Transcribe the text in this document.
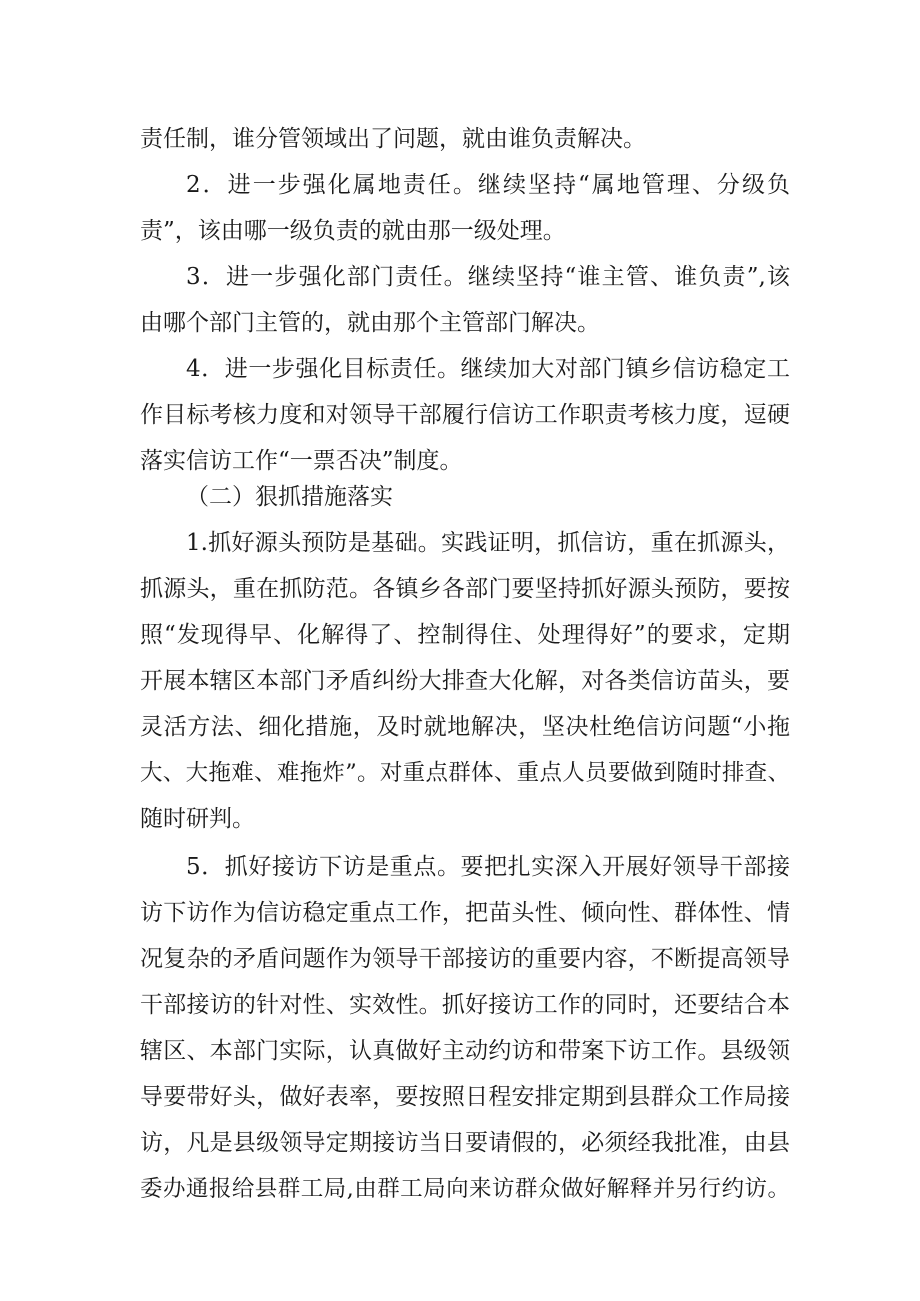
责任制，谁分管领域出了问题，就由谁负责解决。
2．进一步强化属地责任。继续坚持“属地管理、分级负
责”，该由哪一级负责的就由那一级处理。
3．进一步强化部门责任。继续坚持“谁主管、谁负责”,该
由哪个部门主管的，就由那个主管部门解决。
4．进一步强化目标责任。继续加大对部门镇乡信访稳定工
作目标考核力度和对领导干部履行信访工作职责考核力度，逗硬
落实信访工作“一票否决”制度。
（二）狠抓措施落实
1.抓好源头预防是基础。实践证明，抓信访，重在抓源头，
抓源头，重在抓防范。各镇乡各部门要坚持抓好源头预防，要按
照“发现得早、化解得了、控制得住、处理得好”的要求，定期
开展本辖区本部门矛盾纠纷大排查大化解，对各类信访苗头，要
灵活方法、细化措施，及时就地解决，坚决杜绝信访问题“小拖
大、大拖难、难拖炸”。对重点群体、重点人员要做到随时排查、
随时研判。
5．抓好接访下访是重点。要把扎实深入开展好领导干部接
访下访作为信访稳定重点工作，把苗头性、倾向性、群体性、情
况复杂的矛盾问题作为领导干部接访的重要内容，不断提高领导
干部接访的针对性、实效性。抓好接访工作的同时，还要结合本
辖区、本部门实际，认真做好主动约访和带案下访工作。县级领
导要带好头，做好表率，要按照日程安排定期到县群众工作局接
访，凡是县级领导定期接访当日要请假的，必须经我批准，由县
委办通报给县群工局,由群工局向来访群众做好解释并另行约访。
